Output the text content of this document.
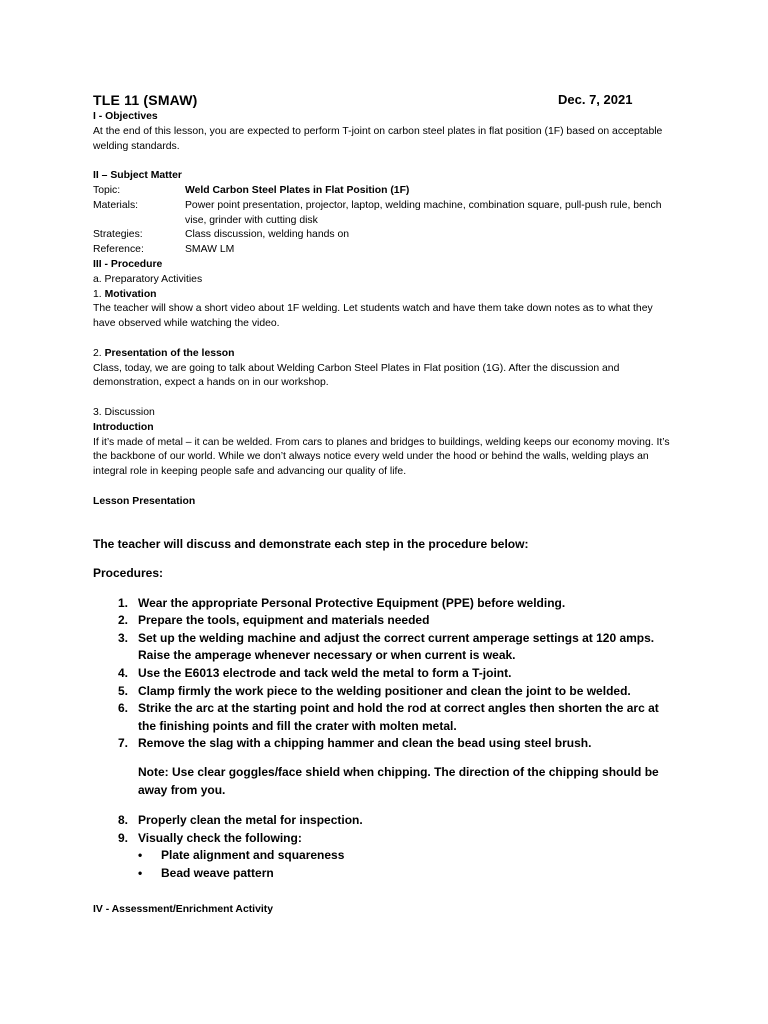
TLE 11 (SMAW)	Dec. 7, 2021

I - Objectives

At the end of this lesson, you are expected to perform T-joint on carbon steel plates in flat position (1F) based on acceptable welding standards.

II – Subject Matter

Topic:	Weld Carbon Steel Plates in Flat Position (1F)
Materials:	Power point presentation, projector, laptop, welding machine, combination square, pull-push rule, bench vise, grinder with cutting disk
Strategies:	Class discussion, welding hands on
Reference:	SMAW LM

III - Procedure

a. Preparatory Activities

1. Motivation

The teacher will show a short video about 1F welding. Let students watch and have them take down notes as to what they have observed while watching the video.

2. Presentation of the lesson

Class, today, we are going to talk about Welding Carbon Steel Plates in Flat position (1G). After the discussion and demonstration, expect a hands on in our workshop.

3. Discussion

Introduction

If it’s made of metal – it can be welded. From cars to planes and bridges to buildings, welding keeps our economy moving. It’s the backbone of our world. While we don’t always notice every weld under the hood or behind the walls, welding plays an integral role in keeping people safe and advancing our quality of life.

Lesson Presentation

The teacher will discuss and demonstrate each step in the procedure below:

Procedures:

1. Wear the appropriate Personal Protective Equipment (PPE) before welding.
2. Prepare the tools, equipment and materials needed
3. Set up the welding machine and adjust the correct current amperage settings at 120 amps. Raise the amperage whenever necessary or when current is weak.
4. Use the E6013 electrode and tack weld the metal to form a T-joint.
5. Clamp firmly the work piece to the welding positioner and clean the joint to be welded.
6. Strike the arc at the starting point and hold the rod at correct angles then shorten the arc at the finishing points and fill the crater with molten metal.
7. Remove the slag with a chipping hammer and clean the bead using steel brush.

Note: Use clear goggles/face shield when chipping. The direction of the chipping should be away from you.

8. Properly clean the metal for inspection.
9. Visually check the following:
•	Plate alignment and squareness
•	Bead weave pattern

IV - Assessment/Enrichment Activity
